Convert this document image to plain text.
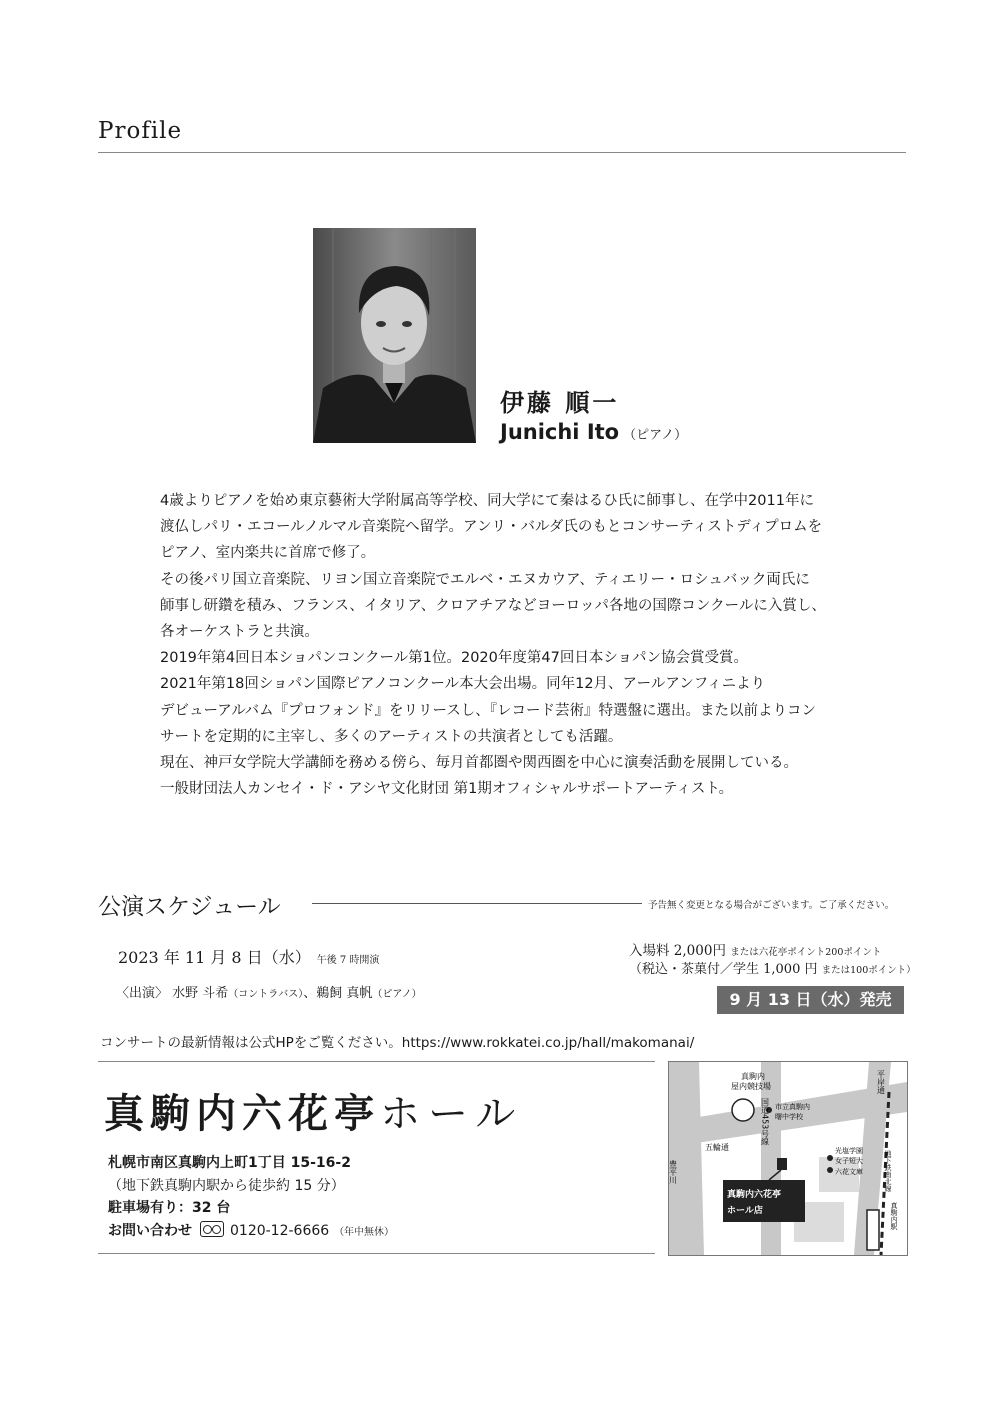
Profile
伊藤 順一
Junichi Ito （ピアノ）
4歳よりピアノを始め東京藝術大学附属高等学校、同大学にて秦はるひ氏に師事し、在学中2011年に
渡仏しパリ・エコールノルマル音楽院へ留学。アンリ・バルダ氏のもとコンサーティストディプロムを
ピアノ、室内楽共に首席で修了。
その後パリ国立音楽院、リヨン国立音楽院でエルベ・エヌカウア、ティエリー・ロシュバック両氏に
師事し研鑽を積み、フランス、イタリア、クロアチアなどヨーロッパ各地の国際コンクールに入賞し、
各オーケストラと共演。
2019年第4回日本ショパンコンクール第1位。2020年度第47回日本ショパン協会賞受賞。
2021年第18回ショパン国際ピアノコンクール本大会出場。同年12月、アールアンフィニより
デビューアルバム『プロフォンド』をリリースし、『レコード芸術』特選盤に選出。また以前よりコン
サートを定期的に主宰し、多くのアーティストの共演者としても活躍。
現在、神戸女学院大学講師を務める傍ら、毎月首都圏や関西圏を中心に演奏活動を展開している。
一般財団法人カンセイ・ド・アシヤ文化財団 第1期オフィシャルサポートアーティスト。
公演スケジュール	予告無く変更となる場合がございます。ご了承ください。
2023 年 11 月 8 日（水） 午後 7 時開演
〈出演〉 水野 斗希（コントラバス）、鵜飼 真帆（ピアノ）
入場料 2,000円 または六花亭ポイント200ポイント
（税込・茶菓付／学生 1,000 円 または100ポイント）
9 月 13 日（水）発売
コンサートの最新情報は公式HPをご覧ください。https://www.rokkatei.co.jp/hall/makomanai/
真駒内六花亭ホール
札幌市南区真駒内上町1丁目 15-16-2
（地下鉄真駒内駅から徒歩約 15 分）
駐車場有り：32 台
お問い合わせ	0120-12-6666 （年中無休）
真駒内
屋内競技場
市立真駒内
曙中学校
五輪通
国道453号線
光塩学園
女子短大
六花文庫
豊平川
平岸通
地下鉄南北線
真駒内駅
真駒内六花亭
ホール店
